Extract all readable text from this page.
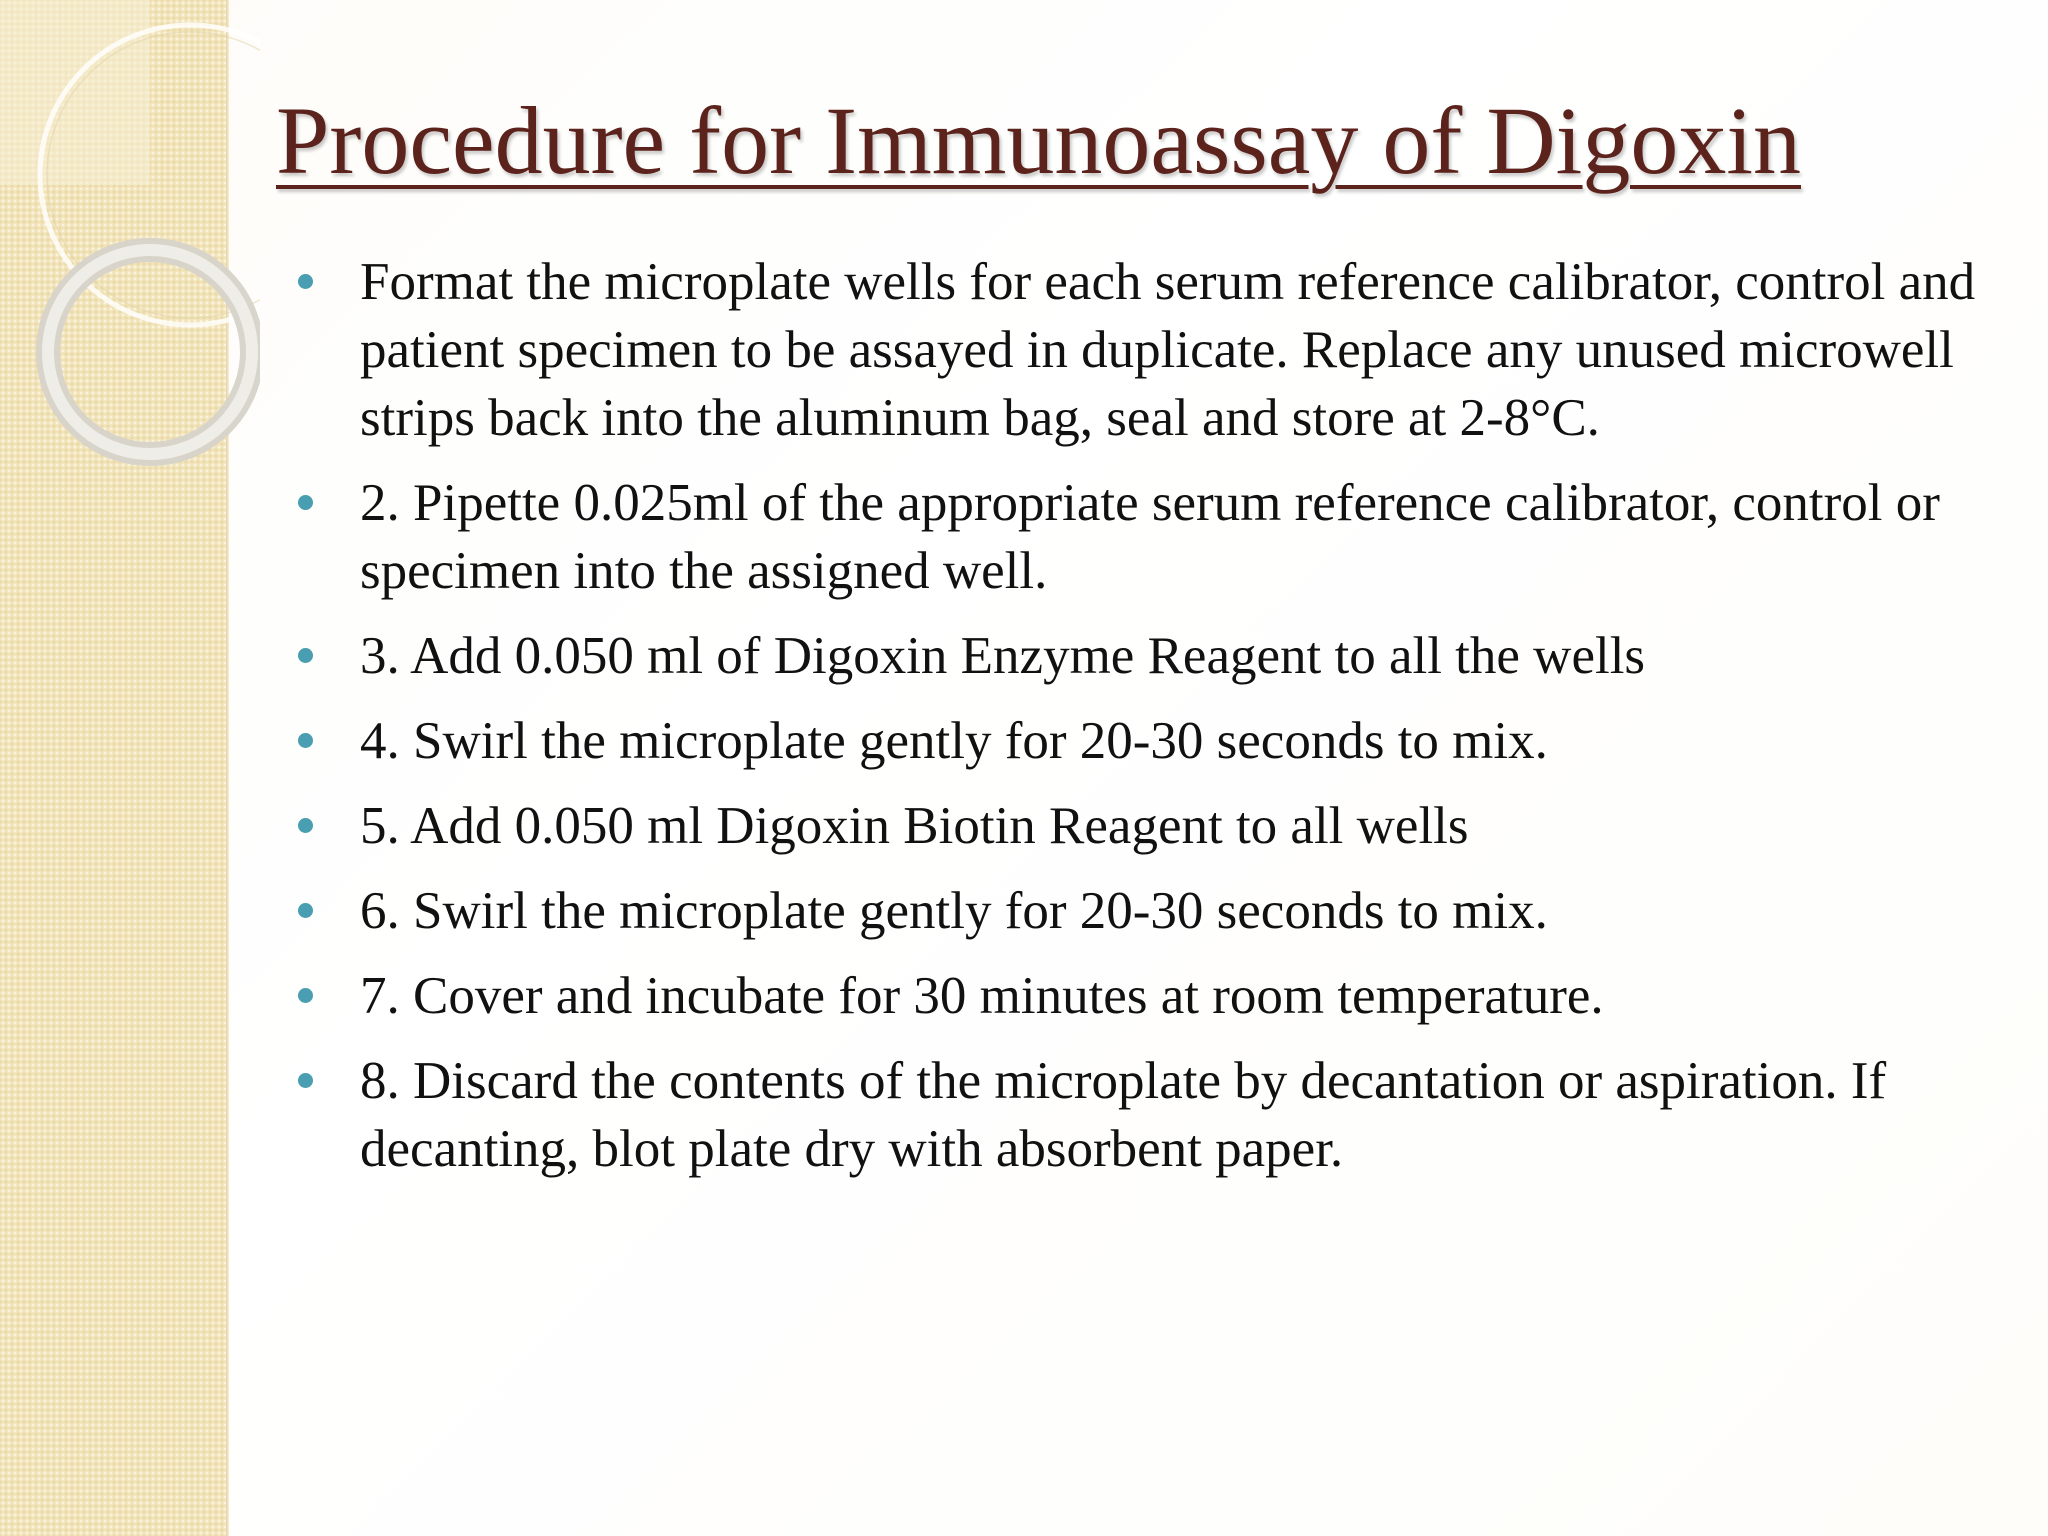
Procedure for Immunoassay of Digoxin
Format the microplate wells for each serum reference calibrator, control and patient specimen to be assayed in duplicate. Replace any unused microwell strips back into the aluminum bag, seal and store at 2-8°C.
2. Pipette 0.025ml of the appropriate serum reference calibrator, control or specimen into the assigned well.
3. Add 0.050 ml of Digoxin Enzyme Reagent to all the wells
4. Swirl the microplate gently for 20-30 seconds to mix.
5. Add 0.050 ml Digoxin Biotin Reagent to all wells
6. Swirl the microplate gently for 20-30 seconds to mix.
7. Cover and incubate for 30 minutes at room temperature.
8. Discard the contents of the microplate by decantation or aspiration. If decanting, blot plate dry with absorbent paper.
